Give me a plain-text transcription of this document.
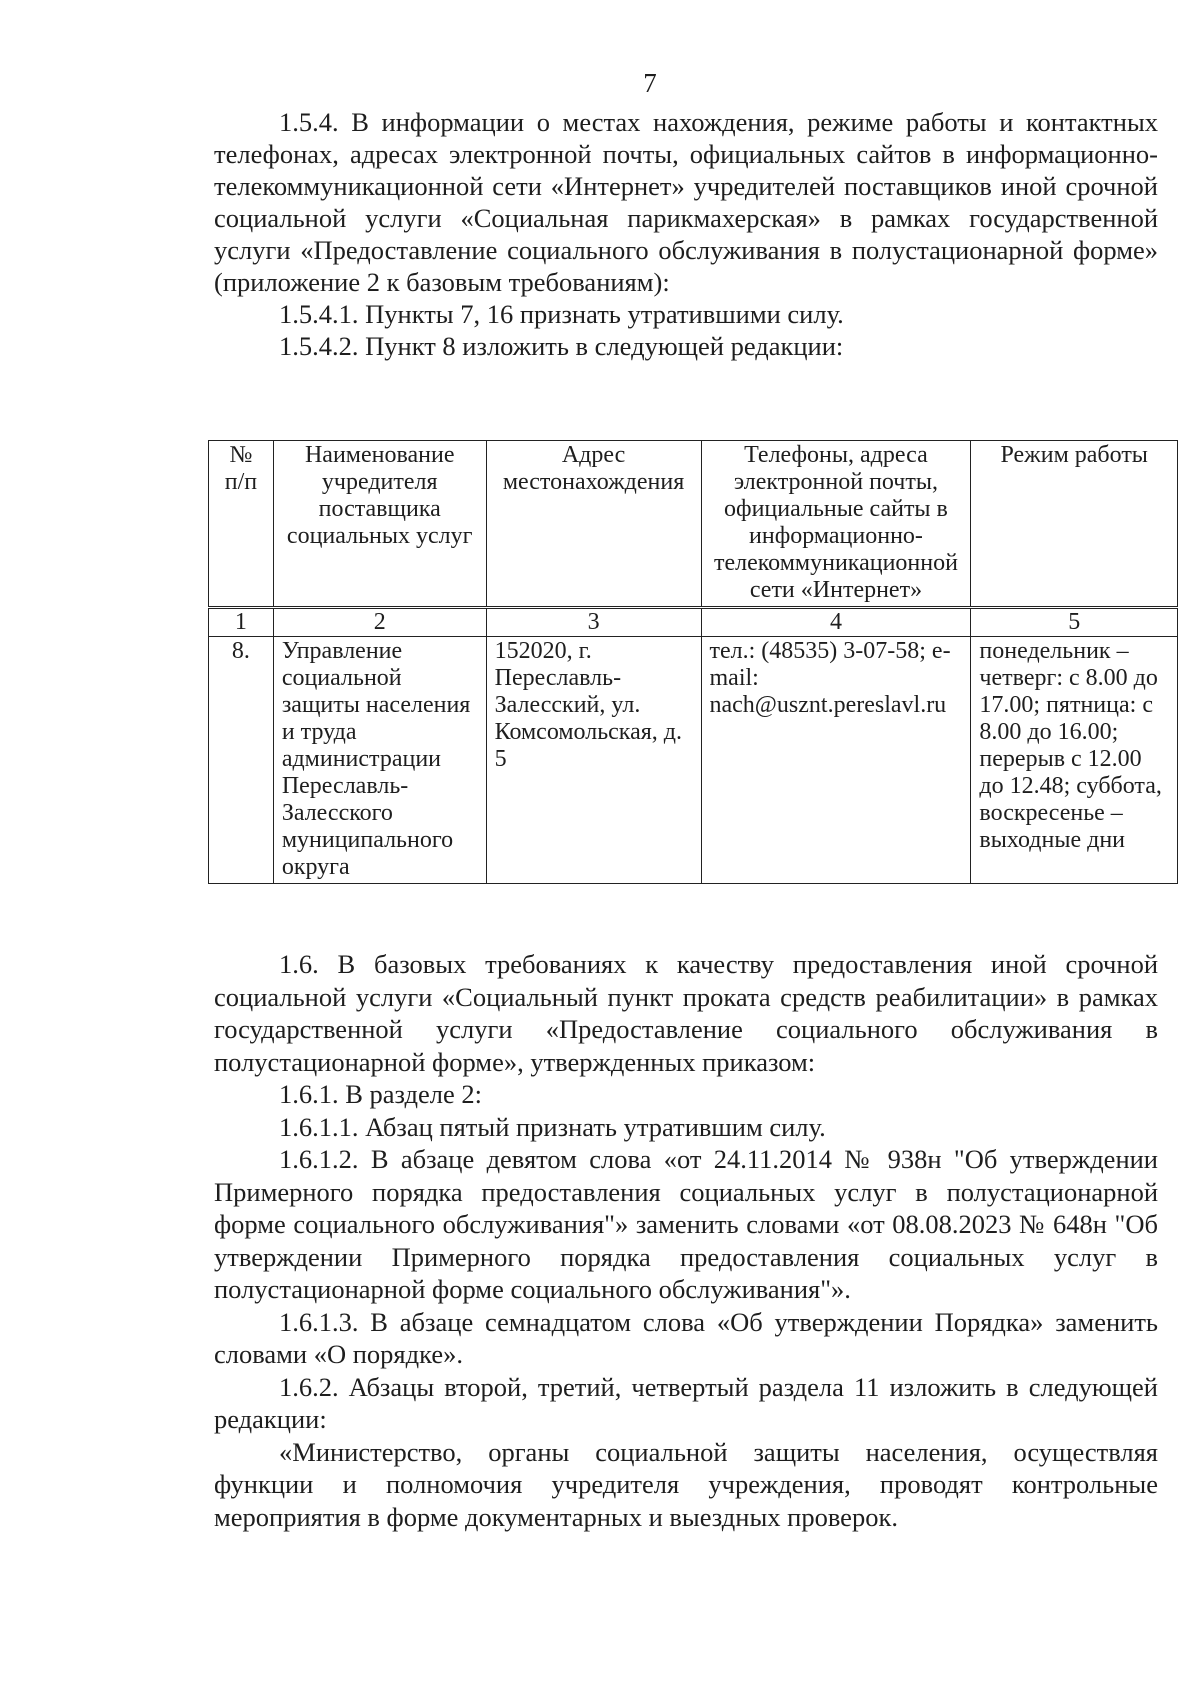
7

1.5.4. В информации о местах нахождения, режиме работы и контактных телефонах, адресах электронной почты, официальных сайтов в информационно-телекоммуникационной сети «Интернет» учредителей поставщиков иной срочной социальной услуги «Социальная парикмахерская» в рамках государственной услуги «Предоставление социального обслуживания в полустационарной форме» (приложение 2 к базовым требованиям):

1.5.4.1. Пункты 7, 16 признать утратившими силу.

1.5.4.2. Пункт 8 изложить в следующей редакции:

№ п/п	Наименование учредителя поставщика социальных услуг	Адрес местонахождения	Телефоны, адреса электронной почты, официальные сайты в информационно-телекоммуникационной сети «Интернет»	Режим работы
1	2	3	4	5
8.	Управление социальной защиты населения и труда администрации Переславль-Залесского муниципального округа	152020, г. Переславль-Залесский, ул. Комсомольская, д. 5	тел.: (48535) 3-07-58; e-mail: nach@usznt.pereslavl.ru	понедельник – четверг: с 8.00 до 17.00; пятница: с 8.00 до 16.00; перерыв с 12.00 до 12.48; суббота, воскресенье – выходные дни

1.6. В базовых требованиях к качеству предоставления иной срочной социальной услуги «Социальный пункт проката средств реабилитации» в рамках государственной услуги «Предоставление социального обслуживания в полустационарной форме», утвержденных приказом:

1.6.1. В разделе 2:

1.6.1.1. Абзац пятый признать утратившим силу.

1.6.1.2. В абзаце девятом слова «от 24.11.2014 № 938н "Об утверждении Примерного порядка предоставления социальных услуг в полустационарной форме социального обслуживания"» заменить словами «от 08.08.2023 № 648н "Об утверждении Примерного порядка предоставления социальных услуг в полустационарной форме социального обслуживания"».

1.6.1.3. В абзаце семнадцатом слова «Об утверждении Порядка» заменить словами «О порядке».

1.6.2. Абзацы второй, третий, четвертый раздела 11 изложить в следующей редакции:

«Министерство, органы социальной защиты населения, осуществляя функции и полномочия учредителя учреждения, проводят контрольные мероприятия в форме документарных и выездных проверок.
